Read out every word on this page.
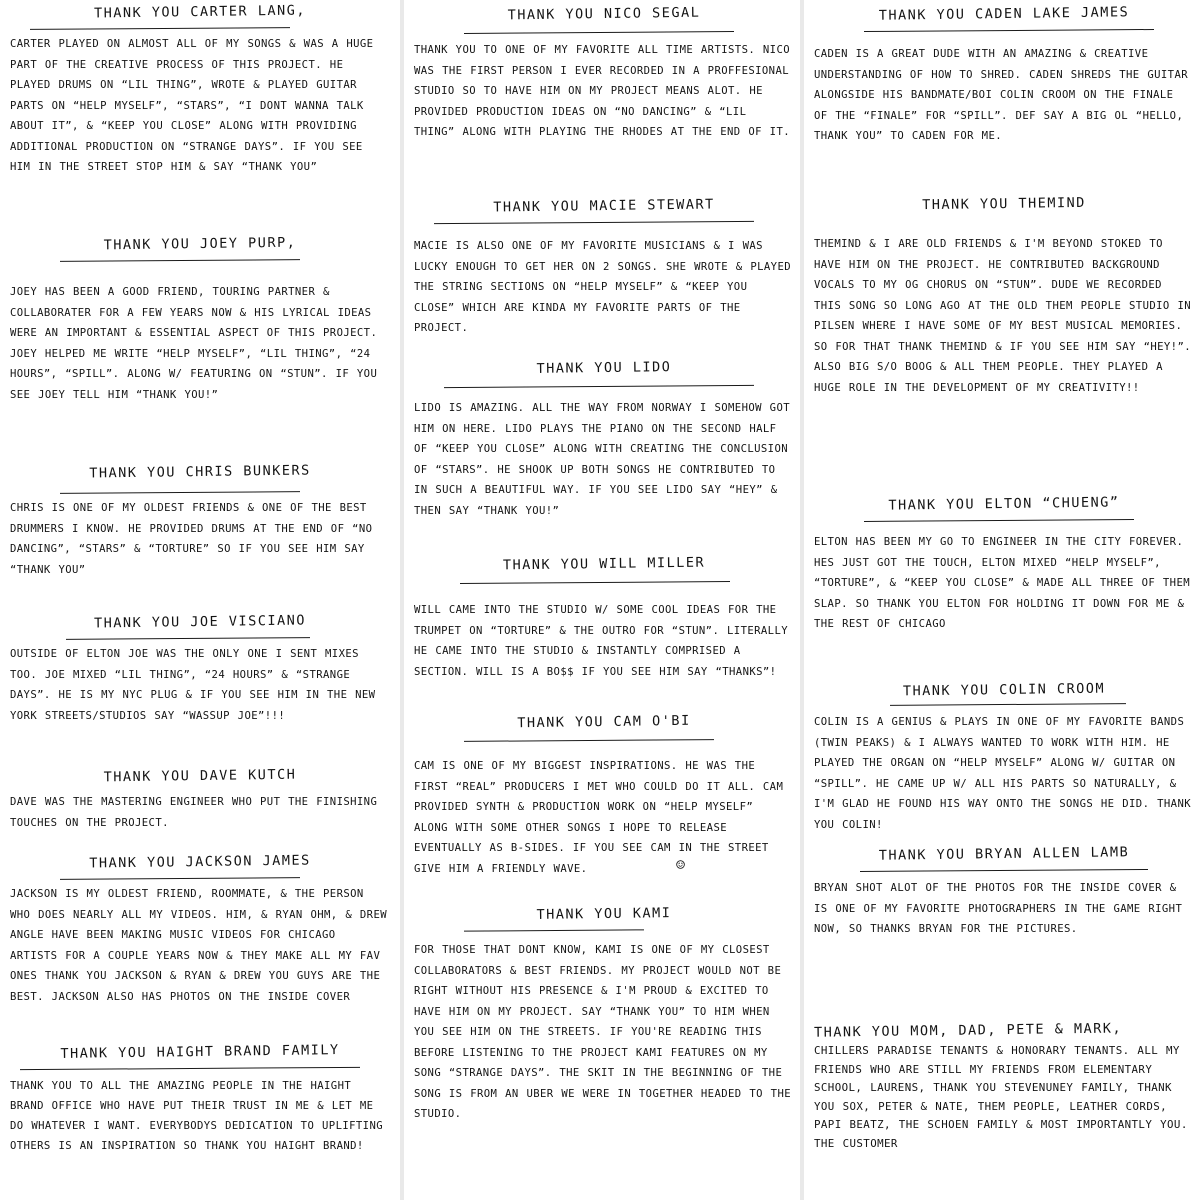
THANK YOU CARTER LANG,

CARTER PLAYED ON ALMOST ALL OF MY SONGS & WAS A HUGE PART OF THE CREATIVE PROCESS OF THIS PROJECT. HE PLAYED DRUMS ON “LIL THING”, WROTE & PLAYED GUITAR PARTS ON “HELP MYSELF”, “STARS”, “I DONT WANNA TALK ABOUT IT”, & “KEEP YOU CLOSE” ALONG WITH PROVIDING ADDITIONAL PRODUCTION ON “STRANGE DAYS”. IF YOU SEE HIM IN THE STREET STOP HIM & SAY “THANK YOU”

THANK YOU JOEY PURP,

JOEY HAS BEEN A GOOD FRIEND, TOURING PARTNER & COLLABORATER FOR A FEW YEARS NOW & HIS LYRICAL IDEAS WERE AN IMPORTANT & ESSENTIAL ASPECT OF THIS PROJECT. JOEY HELPED ME WRITE “HELP MYSELF”, “LIL THING”, “24 HOURS”, “SPILL”. ALONG W/ FEATURING ON “STUN”. IF YOU SEE JOEY TELL HIM “THANK YOU!”

THANK YOU CHRIS BUNKERS

CHRIS IS ONE OF MY OLDEST FRIENDS & ONE OF THE BEST DRUMMERS I KNOW. HE PROVIDED DRUMS AT THE END OF “NO DANCING”, “STARS” & “TORTURE” SO IF YOU SEE HIM SAY “THANK YOU”

THANK YOU JOE VISCIANO

OUTSIDE OF ELTON JOE WAS THE ONLY ONE I SENT MIXES TOO. JOE MIXED “LIL THING”, “24 HOURS” & “STRANGE DAYS”. HE IS MY NYC PLUG & IF YOU SEE HIM IN THE NEW YORK STREETS/STUDIOS SAY “WASSUP JOE”!!!

THANK YOU DAVE KUTCH

DAVE WAS THE MASTERING ENGINEER WHO PUT THE FINISHING TOUCHES ON THE PROJECT.

THANK YOU JACKSON JAMES

JACKSON IS MY OLDEST FRIEND, ROOMMATE, & THE PERSON WHO DOES NEARLY ALL MY VIDEOS. HIM, & RYAN OHM, & DREW ANGLE HAVE BEEN MAKING MUSIC VIDEOS FOR CHICAGO ARTISTS FOR A COUPLE YEARS NOW & THEY MAKE ALL MY FAV ONES THANK YOU JACKSON & RYAN & DREW YOU GUYS ARE THE BEST. JACKSON ALSO HAS PHOTOS ON THE INSIDE COVER

THANK YOU HAIGHT BRAND FAMILY

THANK YOU TO ALL THE AMAZING PEOPLE IN THE HAIGHT BRAND OFFICE WHO HAVE PUT THEIR TRUST IN ME & LET ME DO WHATEVER I WANT. EVERYBODYS DEDICATION TO UPLIFTING OTHERS IS AN INSPIRATION SO THANK YOU HAIGHT BRAND!

THANK YOU NICO SEGAL

THANK YOU TO ONE OF MY FAVORITE ALL TIME ARTISTS. NICO WAS THE FIRST PERSON I EVER RECORDED IN A PROFFESIONAL STUDIO SO TO HAVE HIM ON MY PROJECT MEANS ALOT. HE PROVIDED PRODUCTION IDEAS ON “NO DANCING” & “LIL THING” ALONG WITH PLAYING THE RHODES AT THE END OF IT.

THANK YOU MACIE STEWART

MACIE IS ALSO ONE OF MY FAVORITE MUSICIANS & I WAS LUCKY ENOUGH TO GET HER ON 2 SONGS. SHE WROTE & PLAYED THE STRING SECTIONS ON “HELP MYSELF” & “KEEP YOU CLOSE” WHICH ARE KINDA MY FAVORITE PARTS OF THE PROJECT.

THANK YOU LIDO

LIDO IS AMAZING. ALL THE WAY FROM NORWAY I SOMEHOW GOT HIM ON HERE. LIDO PLAYS THE PIANO ON THE SECOND HALF OF “KEEP YOU CLOSE” ALONG WITH CREATING THE CONCLUSION OF “STARS”. HE SHOOK UP BOTH SONGS HE CONTRIBUTED TO IN SUCH A BEAUTIFUL WAY. IF YOU SEE LIDO SAY “HEY” & THEN SAY “THANK YOU!”

THANK YOU WILL MILLER

WILL CAME INTO THE STUDIO W/ SOME COOL IDEAS FOR THE TRUMPET ON “TORTURE” & THE OUTRO FOR “STUN”. LITERALLY HE CAME INTO THE STUDIO & INSTANTLY COMPRISED A SECTION. WILL IS A BO$$ IF YOU SEE HIM SAY “THANKS”!

THANK YOU CAM O'BI

CAM IS ONE OF MY BIGGEST INSPIRATIONS. HE WAS THE FIRST “REAL” PRODUCERS I MET WHO COULD DO IT ALL. CAM PROVIDED SYNTH & PRODUCTION WORK ON “HELP MYSELF” ALONG WITH SOME OTHER SONGS I HOPE TO RELEASE EVENTUALLY AS B-SIDES. IF YOU SEE CAM IN THE STREET GIVE HIM A FRIENDLY WAVE.	☺
THANK YOU KAMI

FOR THOSE THAT DONT KNOW, KAMI IS ONE OF MY CLOSEST COLLABORATORS & BEST FRIENDS. MY PROJECT WOULD NOT BE RIGHT WITHOUT HIS PRESENCE & I'M PROUD & EXCITED TO HAVE HIM ON MY PROJECT. SAY “THANK YOU” TO HIM WHEN YOU SEE HIM ON THE STREETS. IF YOU'RE READING THIS BEFORE LISTENING TO THE PROJECT KAMI FEATURES ON MY SONG “STRANGE DAYS”. THE SKIT IN THE BEGINNING OF THE SONG IS FROM AN UBER WE WERE IN TOGETHER HEADED TO THE STUDIO.

THANK YOU CADEN LAKE JAMES

CADEN IS A GREAT DUDE WITH AN AMAZING & CREATIVE UNDERSTANDING OF HOW TO SHRED. CADEN SHREDS THE GUITAR ALONGSIDE HIS BANDMATE/BOI COLIN CROOM ON THE FINALE OF THE “FINALE” FOR “SPILL”. DEF SAY A BIG OL “HELLO, THANK YOU” TO CADEN FOR ME.

THANK YOU THEMIND

THEMIND & I ARE OLD FRIENDS & I'M BEYOND STOKED TO HAVE HIM ON THE PROJECT. HE CONTRIBUTED BACKGROUND VOCALS TO MY OG CHORUS ON “STUN”. DUDE WE RECORDED THIS SONG SO LONG AGO AT THE OLD THEM PEOPLE STUDIO IN PILSEN WHERE I HAVE SOME OF MY BEST MUSICAL MEMORIES. SO FOR THAT THANK THEMIND & IF YOU SEE HIM SAY “HEY!”. ALSO BIG S/O BOOG & ALL THEM PEOPLE. THEY PLAYED A HUGE ROLE IN THE DEVELOPMENT OF MY CREATIVITY!!

THANK YOU ELTON “CHUENG”

ELTON HAS BEEN MY GO TO ENGINEER IN THE CITY FOREVER. HES JUST GOT THE TOUCH, ELTON MIXED “HELP MYSELF”, “TORTURE”, & “KEEP YOU CLOSE” & MADE ALL THREE OF THEM SLAP. SO THANK YOU ELTON FOR HOLDING IT DOWN FOR ME & THE REST OF CHICAGO

THANK YOU COLIN CROOM

COLIN IS A GENIUS & PLAYS IN ONE OF MY FAVORITE BANDS (TWIN PEAKS) & I ALWAYS WANTED TO WORK WITH HIM. HE PLAYED THE ORGAN ON “HELP MYSELF” ALONG W/ GUITAR ON “SPILL”. HE CAME UP W/ ALL HIS PARTS SO NATURALLY, & I'M GLAD HE FOUND HIS WAY ONTO THE SONGS HE DID. THANK YOU COLIN!

THANK YOU BRYAN ALLEN LAMB

BRYAN SHOT ALOT OF THE PHOTOS FOR THE INSIDE COVER & IS ONE OF MY FAVORITE PHOTOGRAPHERS IN THE GAME RIGHT NOW, SO THANKS BRYAN FOR THE PICTURES.

THANK YOU MOM, DAD, PETE & MARK,

CHILLERS PARADISE TENANTS & HONORARY TENANTS. ALL MY FRIENDS WHO ARE STILL MY FRIENDS FROM ELEMENTARY SCHOOL, LAURENS, THANK YOU STEVENUNEY FAMILY, THANK YOU SOX, PETER & NATE, THEM PEOPLE, LEATHER CORDS, PAPI BEATZ, THE SCHOEN FAMILY & MOST IMPORTANTLY YOU. THE CUSTOMER
